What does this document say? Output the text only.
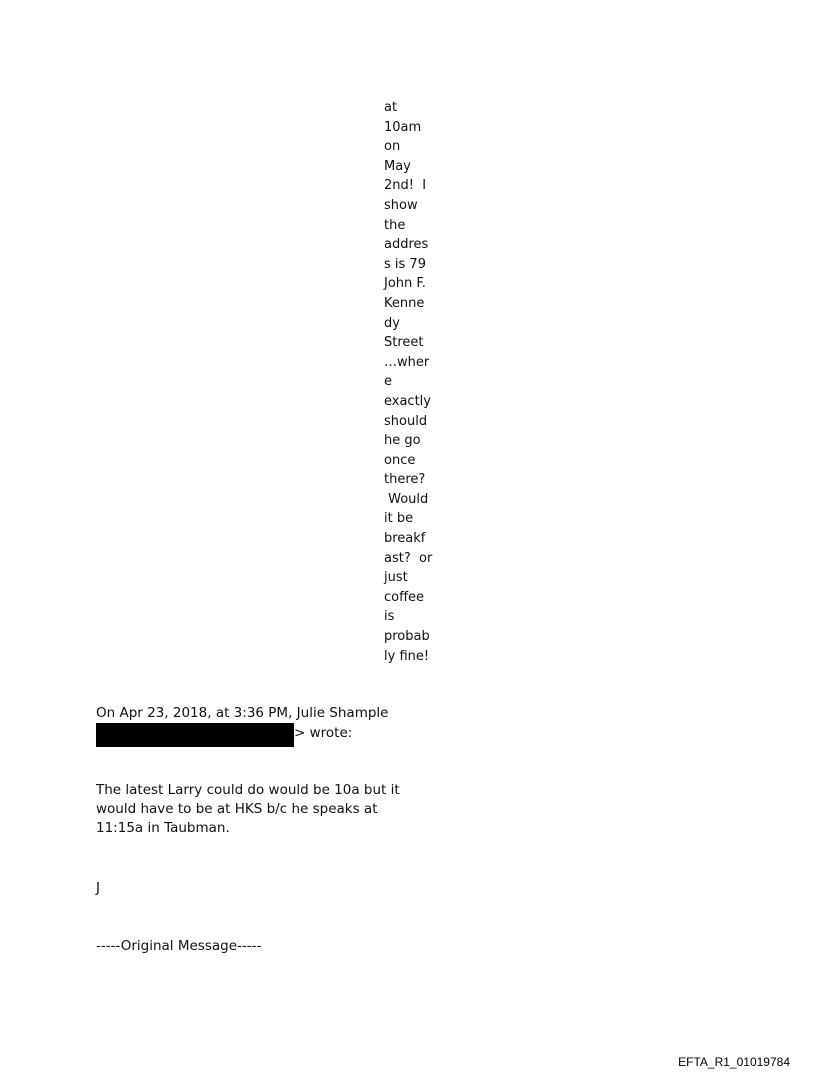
at
10am
on
May
2nd!  I
show
the
addres
s is 79
John F.
Kenne
dy
Street
…wher
e
exactly
should
he go
once
there?
Would
it be
breakf
ast?  or
just
coffee
is
probab
ly fine!
On Apr 23, 2018, at 3:36 PM, Julie Shample
> wrote:

The latest Larry could do would be 10a but it would have to be at HKS b/c he speaks at 11:15a in Taubman.

J
-----Original Message-----
EFTA_R1_01019784
